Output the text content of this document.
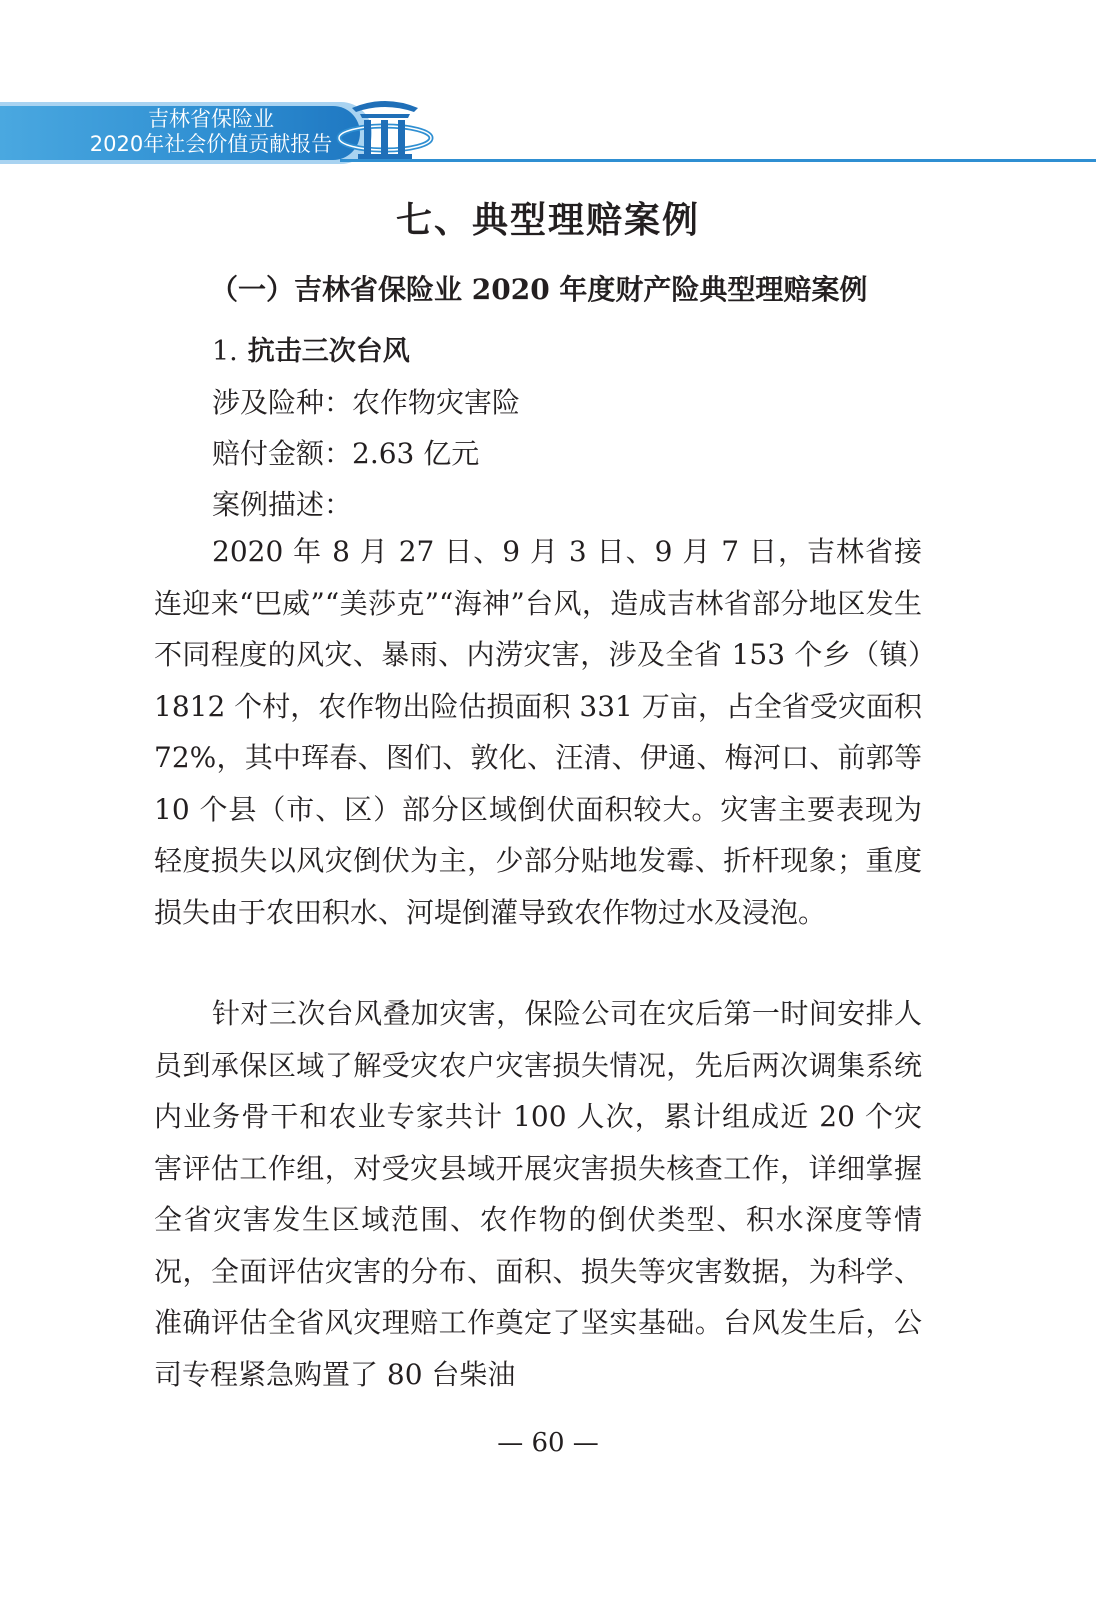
吉林省保险业
2020年社会价值贡献报告
七、典型理赔案例
（一）吉林省保险业 2020 年度财产险典型理赔案例
1. 抗击三次台风
涉及险种：农作物灾害险
赔付金额：2.63 亿元
案例描述：

2020 年 8 月 27 日、9 月 3 日、9 月 7 日，吉林省接连迎来“巴威”“美莎克”“海神”台风，造成吉林省部分地区发生不同程度的风灾、暴雨、内涝灾害，涉及全省 153 个乡（镇）1812 个村，农作物出险估损面积 331 万亩，占全省受灾面积 72%，其中珲春、图们、敦化、汪清、伊通、梅河口、前郭等 10 个县（市、区）部分区域倒伏面积较大。灾害主要表现为轻度损失以风灾倒伏为主，少部分贴地发霉、折杆现象；重度损失由于农田积水、河堤倒灌导致农作物过水及浸泡。

针对三次台风叠加灾害，保险公司在灾后第一时间安排人员到承保区域了解受灾农户灾害损失情况，先后两次调集系统内业务骨干和农业专家共计 100 人次，累计组成近 20 个灾害评估工作组，对受灾县域开展灾害损失核查工作，详细掌握全省灾害发生区域范围、农作物的倒伏类型、积水深度等情况，全面评估灾害的分布、面积、损失等灾害数据，为科学、准确评估全省风灾理赔工作奠定了坚实基础。台风发生后，公司专程紧急购置了 80 台柴油

— 60 —
